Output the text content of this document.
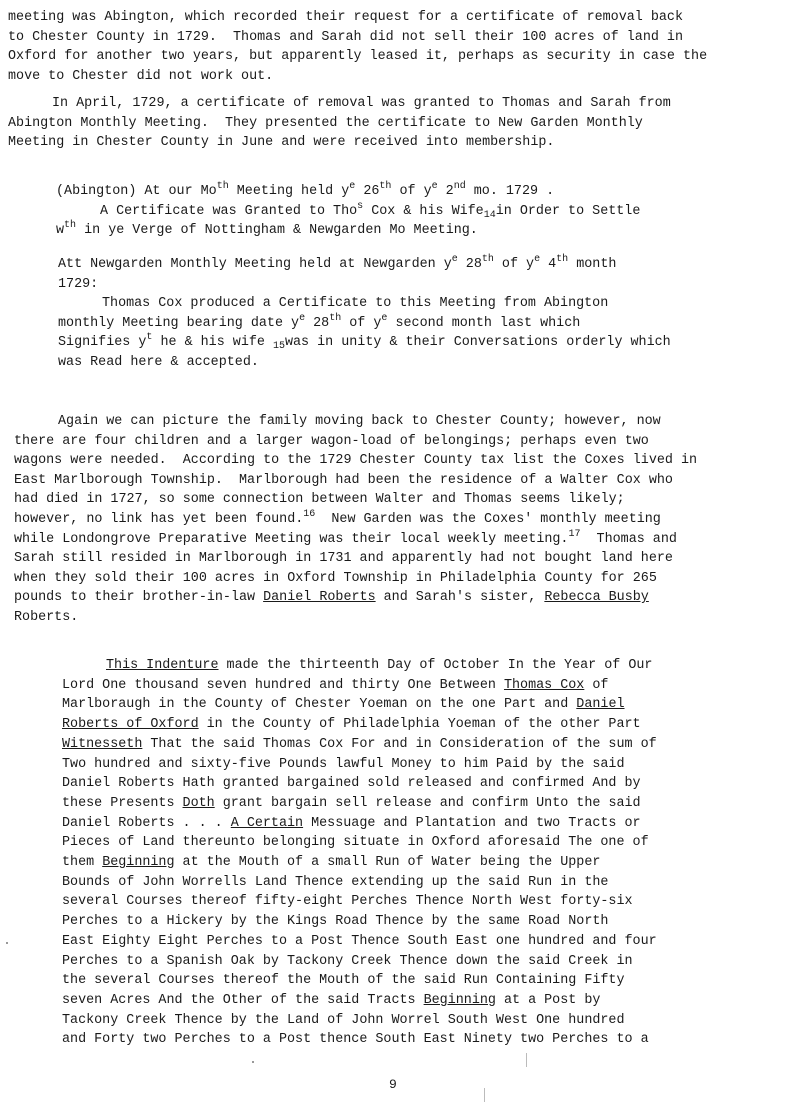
meeting was Abington, which recorded their request for a certificate of removal back
to Chester County in 1729.  Thomas and Sarah did not sell their 100 acres of land in
Oxford for another two years, but apparently leased it, perhaps as security in case the
move to Chester did not work out.
In April, 1729, a certificate of removal was granted to Thomas and Sarah from
Abington Monthly Meeting.  They presented the certificate to New Garden Monthly
Meeting in Chester County in June and were received into membership.
(Abington) At our $Mo^{th}$ Meeting held $y^e$ 26th of $y^e$ 2nd mo. 1729 .
A Certificate was Granted to Tho$^s$ Cox & his Wife$_{14}$in Order to Settle
$w^{th}$ in ye Verge of Nottingham & Newgarden Mo Meeting.
Att Newgarden Monthly Meeting held at Newgarden $y^e$ 28th of $y^e$ 4th month
1729:
Thomas Cox produced a Certificate to this Meeting from Abington
monthly Meeting bearing date $y^e$ 28th of $y^e$ second month last which
Signifies $y^t$ he & his wife $_{15}$was in unity & their Conversations orderly which
was Read here & accepted.
Again we can picture the family moving back to Chester County; however, now
there are four children and a larger wagon-load of belongings; perhaps even two
wagons were needed.  According to the 1729 Chester County tax list the Coxes lived in
East Marlborough Township.  Marlborough had been the residence of a Walter Cox who
had died in 1727, so some connection between Walter and Thomas seems likely;
however, no link has yet been found.$^{16}$  New Garden was the Coxes' monthly meeting
while Londongrove Preparative Meeting was their local weekly meeting.$^{17}$  Thomas and
Sarah still resided in Marlborough in 1731 and apparently had not bought land here
when they sold their 100 acres in Oxford Township in Philadelphia County for 265
pounds to their brother-in-law Daniel Roberts and Sarah's sister, Rebecca Busby
Roberts.
This Indenture made the thirteenth Day of October In the Year of Our
Lord One thousand seven hundred and thirty One Between Thomas Cox of
Marlboraugh in the County of Chester Yoeman on the one Part and Daniel
Roberts of Oxford in the County of Philadelphia Yoeman of the other Part
Witnesseth That the said Thomas Cox For and in Consideration of the sum of
Two hundred and sixty-five Pounds lawful Money to him Paid by the said
Daniel Roberts Hath granted bargained sold released and confirmed And by
these Presents Doth grant bargain sell release and confirm Unto the said
Daniel Roberts . . . A Certain Messuage and Plantation and two Tracts or
Pieces of Land thereunto belonging situate in Oxford aforesaid The one of
them Beginning at the Mouth of a small Run of Water being the Upper
Bounds of John Worrells Land Thence extending up the said Run in the
several Courses thereof fifty-eight Perches Thence North West forty-six
Perches to a Hickery by the Kings Road Thence by the same Road North
East Eighty Eight Perches to a Post Thence South East one hundred and four
Perches to a Spanish Oak by Tackony Creek Thence down the said Creek in
the several Courses thereof the Mouth of the said Run Containing Fifty
seven Acres And the Other of the said Tracts Beginning at a Post by
Tackony Creek Thence by the Land of John Worrel South West One hundred
and Forty two Perches to a Post thence South East Ninety two Perches to a
9
